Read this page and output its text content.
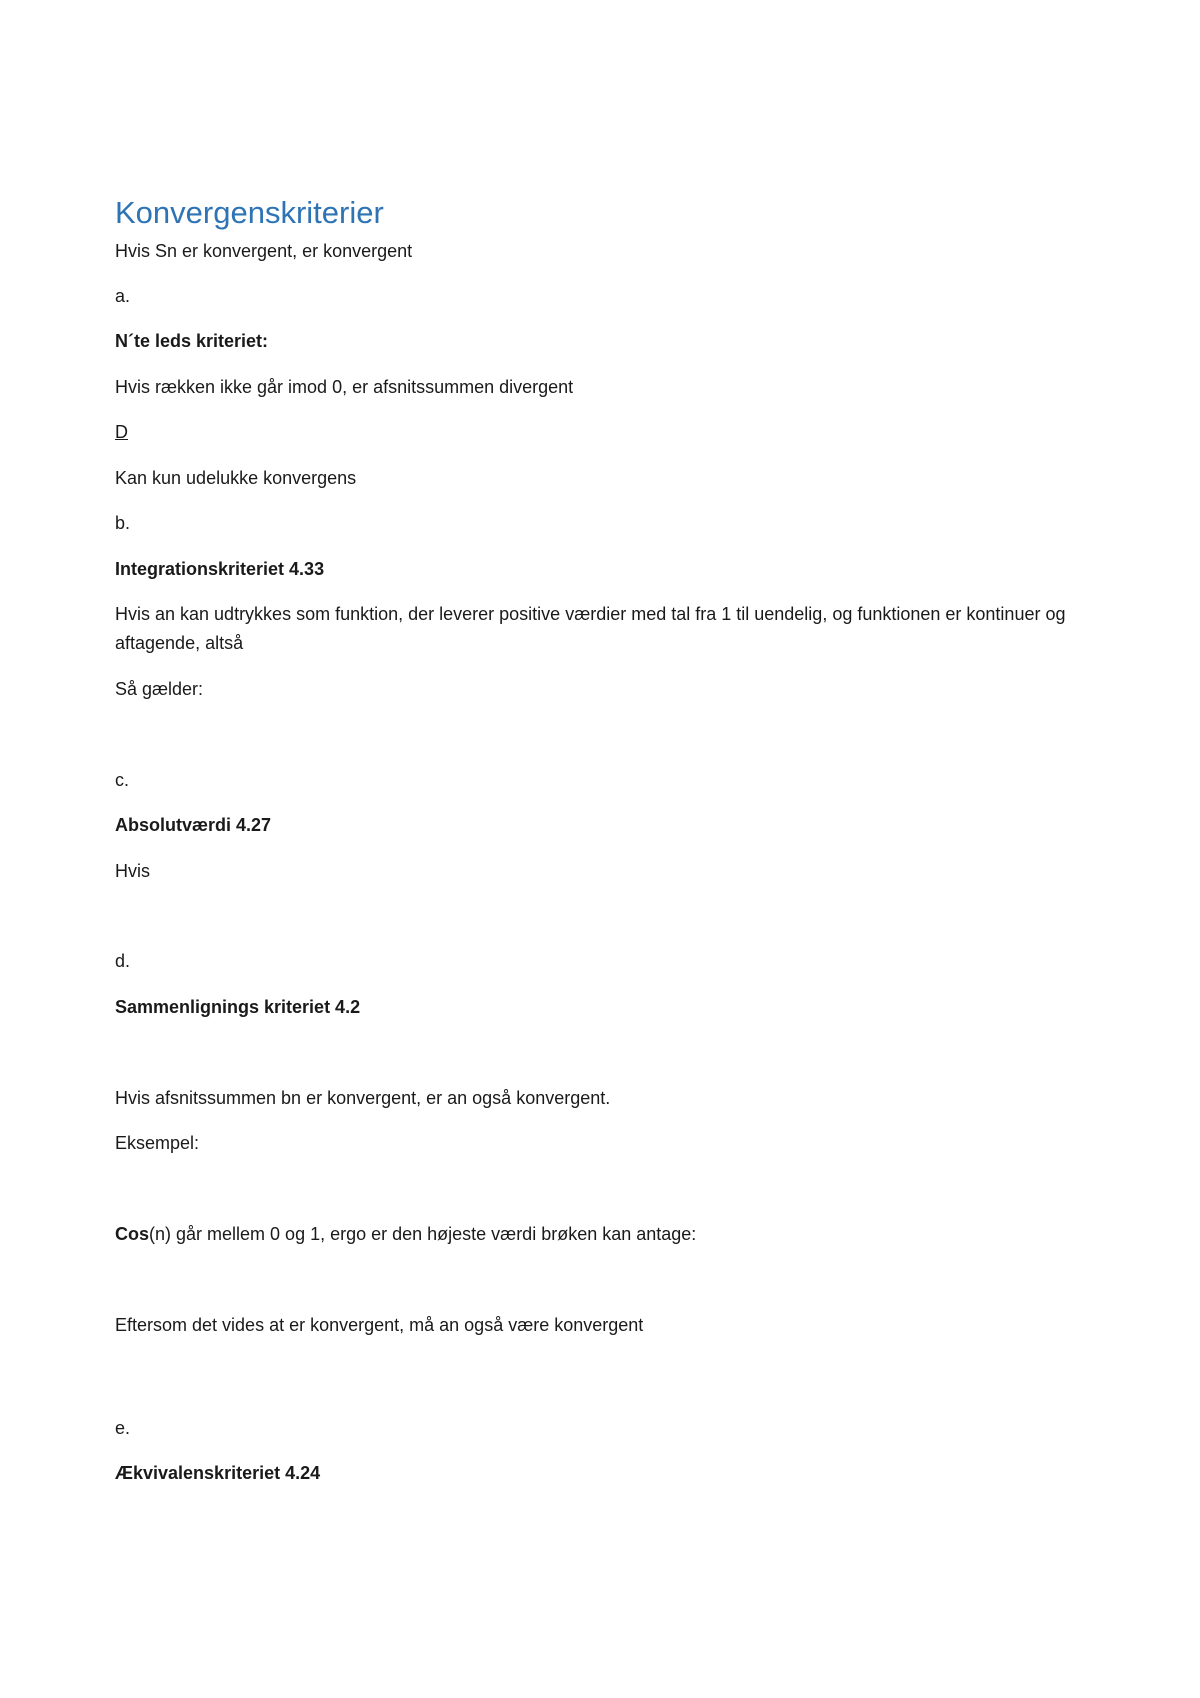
Konvergenskriterier
Hvis Sn er konvergent, er konvergent
a.
N´te leds kriteriet:
Hvis rækken ikke går imod 0, er afsnitssummen divergent
D
Kan kun udelukke konvergens
b.
Integrationskriteriet 4.33
Hvis an kan udtrykkes som funktion, der leverer positive værdier med tal fra 1 til uendelig, og funktionen er kontinuer og aftagende, altså
Så gælder:
c.
Absolutværdi 4.27
Hvis
d.
Sammenlignings kriteriet 4.2
Hvis afsnitssummen bn er konvergent, er an også konvergent.
Eksempel:
Cos(n) går mellem 0 og 1, ergo er den højeste værdi brøken kan antage:
Eftersom det vides at er konvergent, må an også være konvergent
e.
Ækvivalenskriteriet 4.24
